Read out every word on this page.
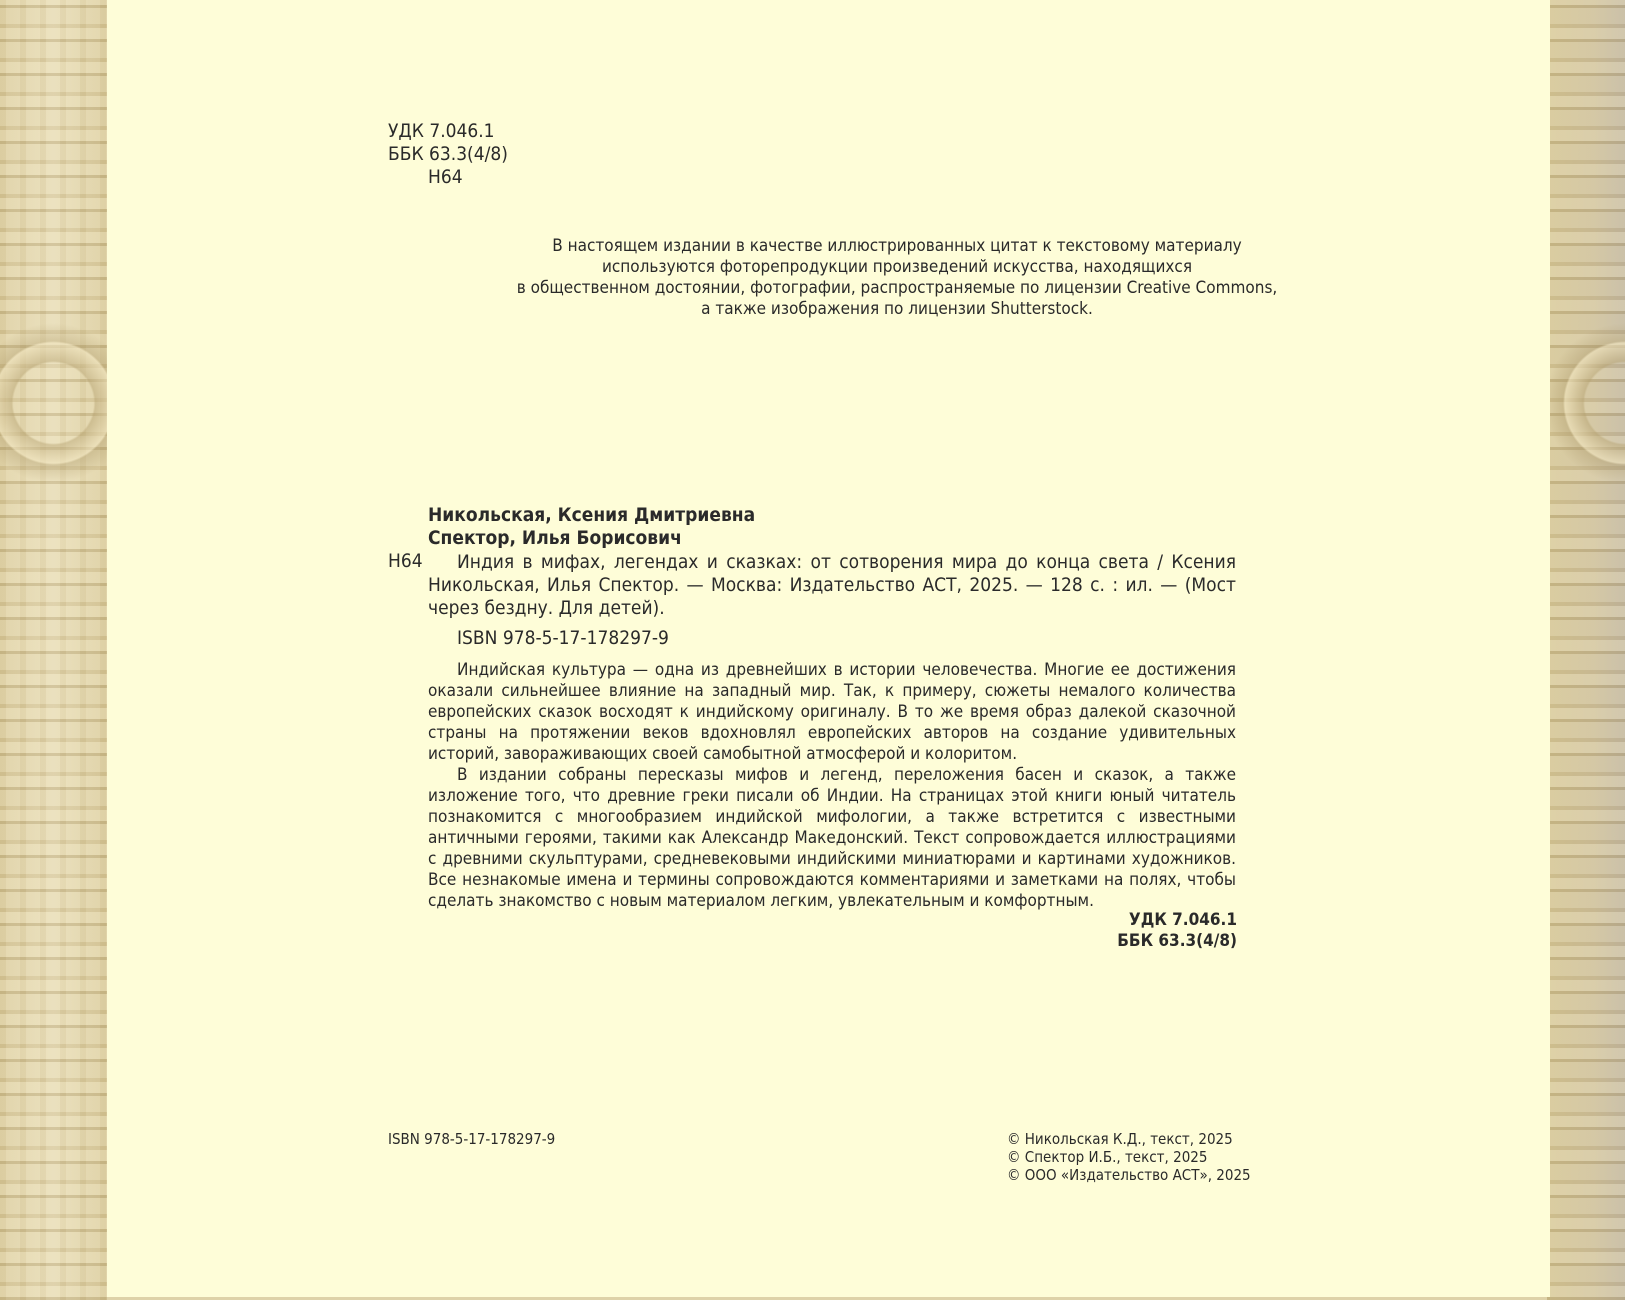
УДК 7.046.1
ББК 63.3(4/8)
Н64
В настоящем издании в качестве иллюстрированных цитат к текстовому материалу
используются фоторепродукции произведений искусства, находящихся
в общественном достоянии, фотографии, распространяемые по лицензии Creative Commons,
а также изображения по лицензии Shutterstock.
Никольская, Ксения Дмитриевна
Спектор, Илья Борисович
Н64	Индия в мифах, легендах и сказках: от сотворения мира до конца света / Ксения Никольская, Илья Спектор. — Москва: Издательство АСТ, 2025. — 128 с. : ил. — (Мост через бездну. Для детей).
ISBN 978-5-17-178297-9

Индийская культура — одна из древнейших в истории человечества. Многие ее достижения оказали сильнейшее влияние на западный мир. Так, к примеру, сюжеты немалого количества европейских сказок восходят к индийскому оригиналу. В то же время образ далекой сказочной страны на протяжении веков вдохновлял европейских авторов на создание удивительных историй, завораживающих своей самобытной атмосферой и колоритом.

В издании собраны пересказы мифов и легенд, переложения басен и сказок, а также изложение того, что древние греки писали об Индии. На страницах этой книги юный читатель познакомится с многообразием индийской мифологии, а также встретится с известными античными героями, такими как Александр Македонский. Текст сопровождается иллюстрациями с древними скульптурами, средневековыми индийскими миниатюрами и картинами художников. Все незнакомые имена и термины сопровождаются комментариями и заметками на полях, чтобы сделать знакомство с новым материалом легким, увлекательным и комфортным.

УДК 7.046.1
ББК 63.3(4/8)
ISBN 978-5-17-178297-9	© Никольская К.Д., текст, 2025
© Спектор И.Б., текст, 2025
© ООО «Издательство АСТ», 2025
